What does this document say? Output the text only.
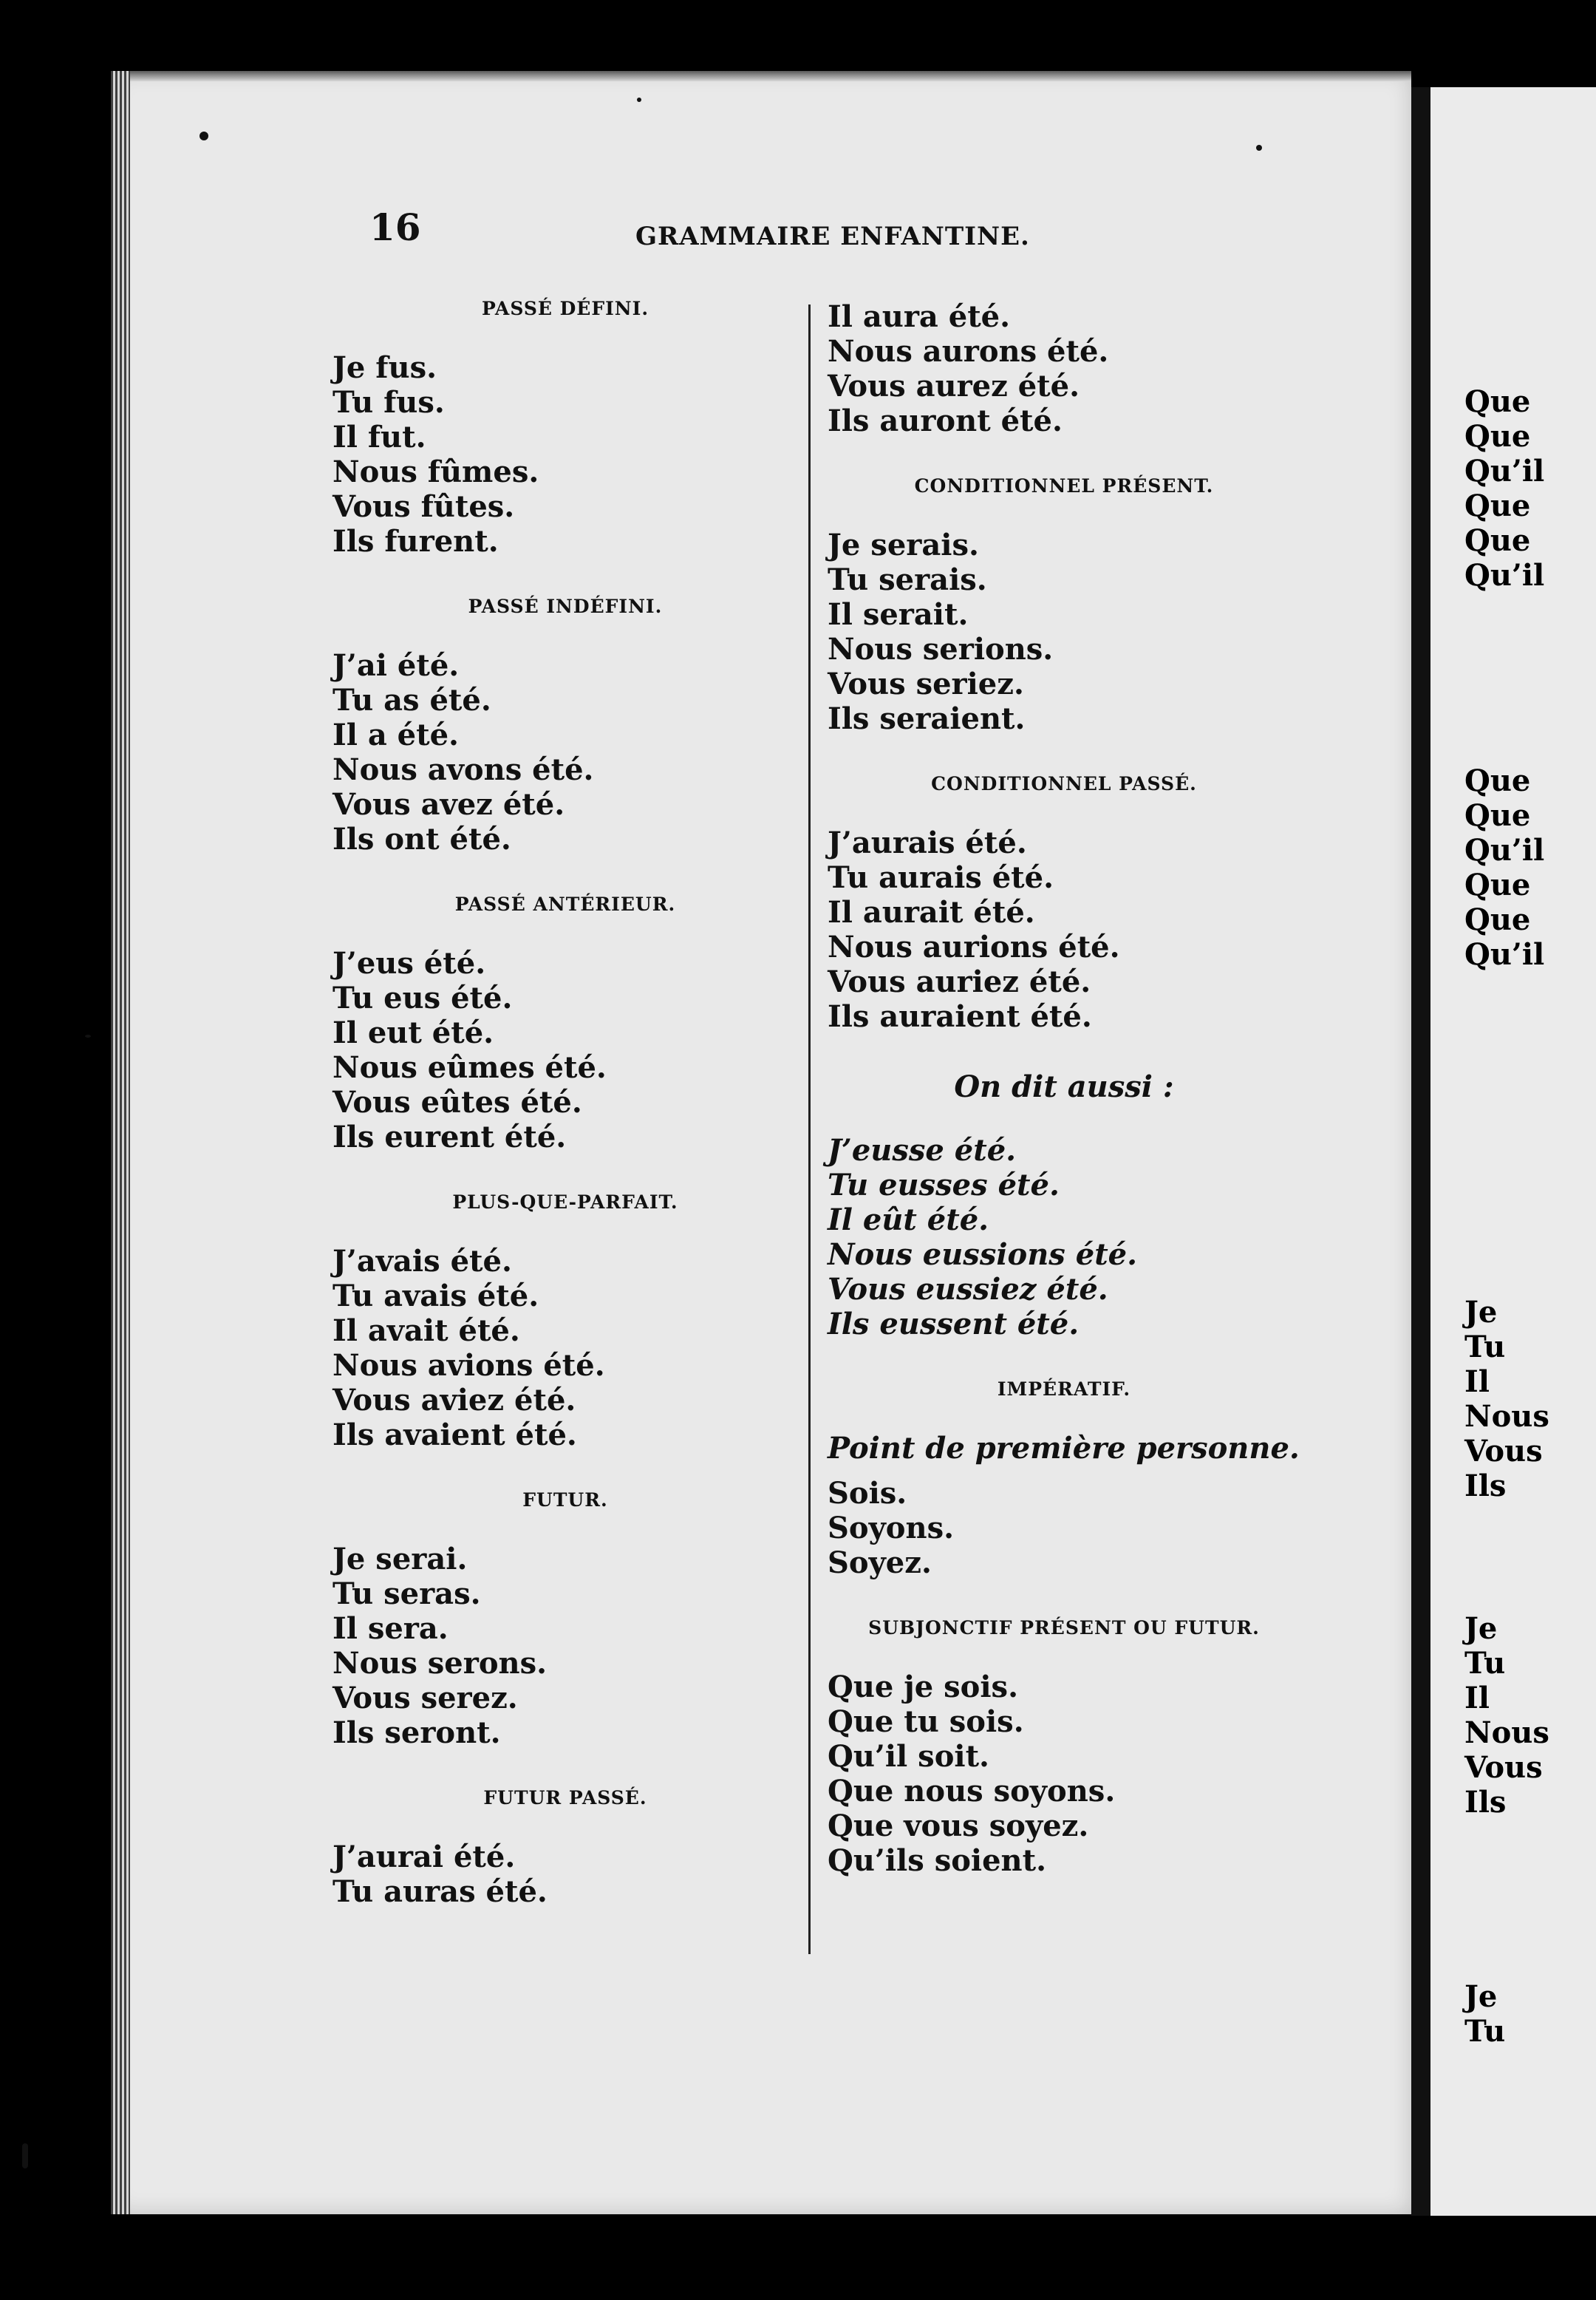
Que
Que
Qu’il
Que
Que
Qu’il
Que
Que
Qu’il
Que
Que
Qu’il
Je
Tu
Il
Nous
Vous
Ils
Je
Tu
Il
Nous
Vous
Ils
Je
Tu
16	GRAMMAIRE ENFANTINE.
PASSÉ DÉFINI.
Je fus.
Tu fus.
Il fut.
Nous fûmes.
Vous fûtes.
Ils furent.
PASSÉ INDÉFINI.
J’ai été.
Tu as été.
Il a été.
Nous avons été.
Vous avez été.
Ils ont été.
PASSÉ ANTÉRIEUR.
J’eus été.
Tu eus été.
Il eut été.
Nous eûmes été.
Vous eûtes été.
Ils eurent été.
PLUS-QUE-PARFAIT.
J’avais été.
Tu avais été.
Il avait été.
Nous avions été.
Vous aviez été.
Ils avaient été.
FUTUR.
Je serai.
Tu seras.
Il sera.
Nous serons.
Vous serez.
Ils seront.
FUTUR PASSÉ.
J’aurai été.
Tu auras été.
Il aura été.
Nous aurons été.
Vous aurez été.
Ils auront été.
CONDITIONNEL PRÉSENT.
Je serais.
Tu serais.
Il serait.
Nous serions.
Vous seriez.
Ils seraient.
CONDITIONNEL PASSÉ.
J’aurais été.
Tu aurais été.
Il aurait été.
Nous aurions été.
Vous auriez été.
Ils auraient été.
On dit aussi :
J’eusse été.
Tu eusses été.
Il eût été.
Nous eussions été.
Vous eussiez été.
Ils eussent été.
IMPÉRATIF.
Point de première personne.
Sois.
Soyons.
Soyez.
SUBJONCTIF PRÉSENT OU FUTUR.
Que je sois.
Que tu sois.
Qu’il soit.
Que nous soyons.
Que vous soyez.
Qu’ils soient.
